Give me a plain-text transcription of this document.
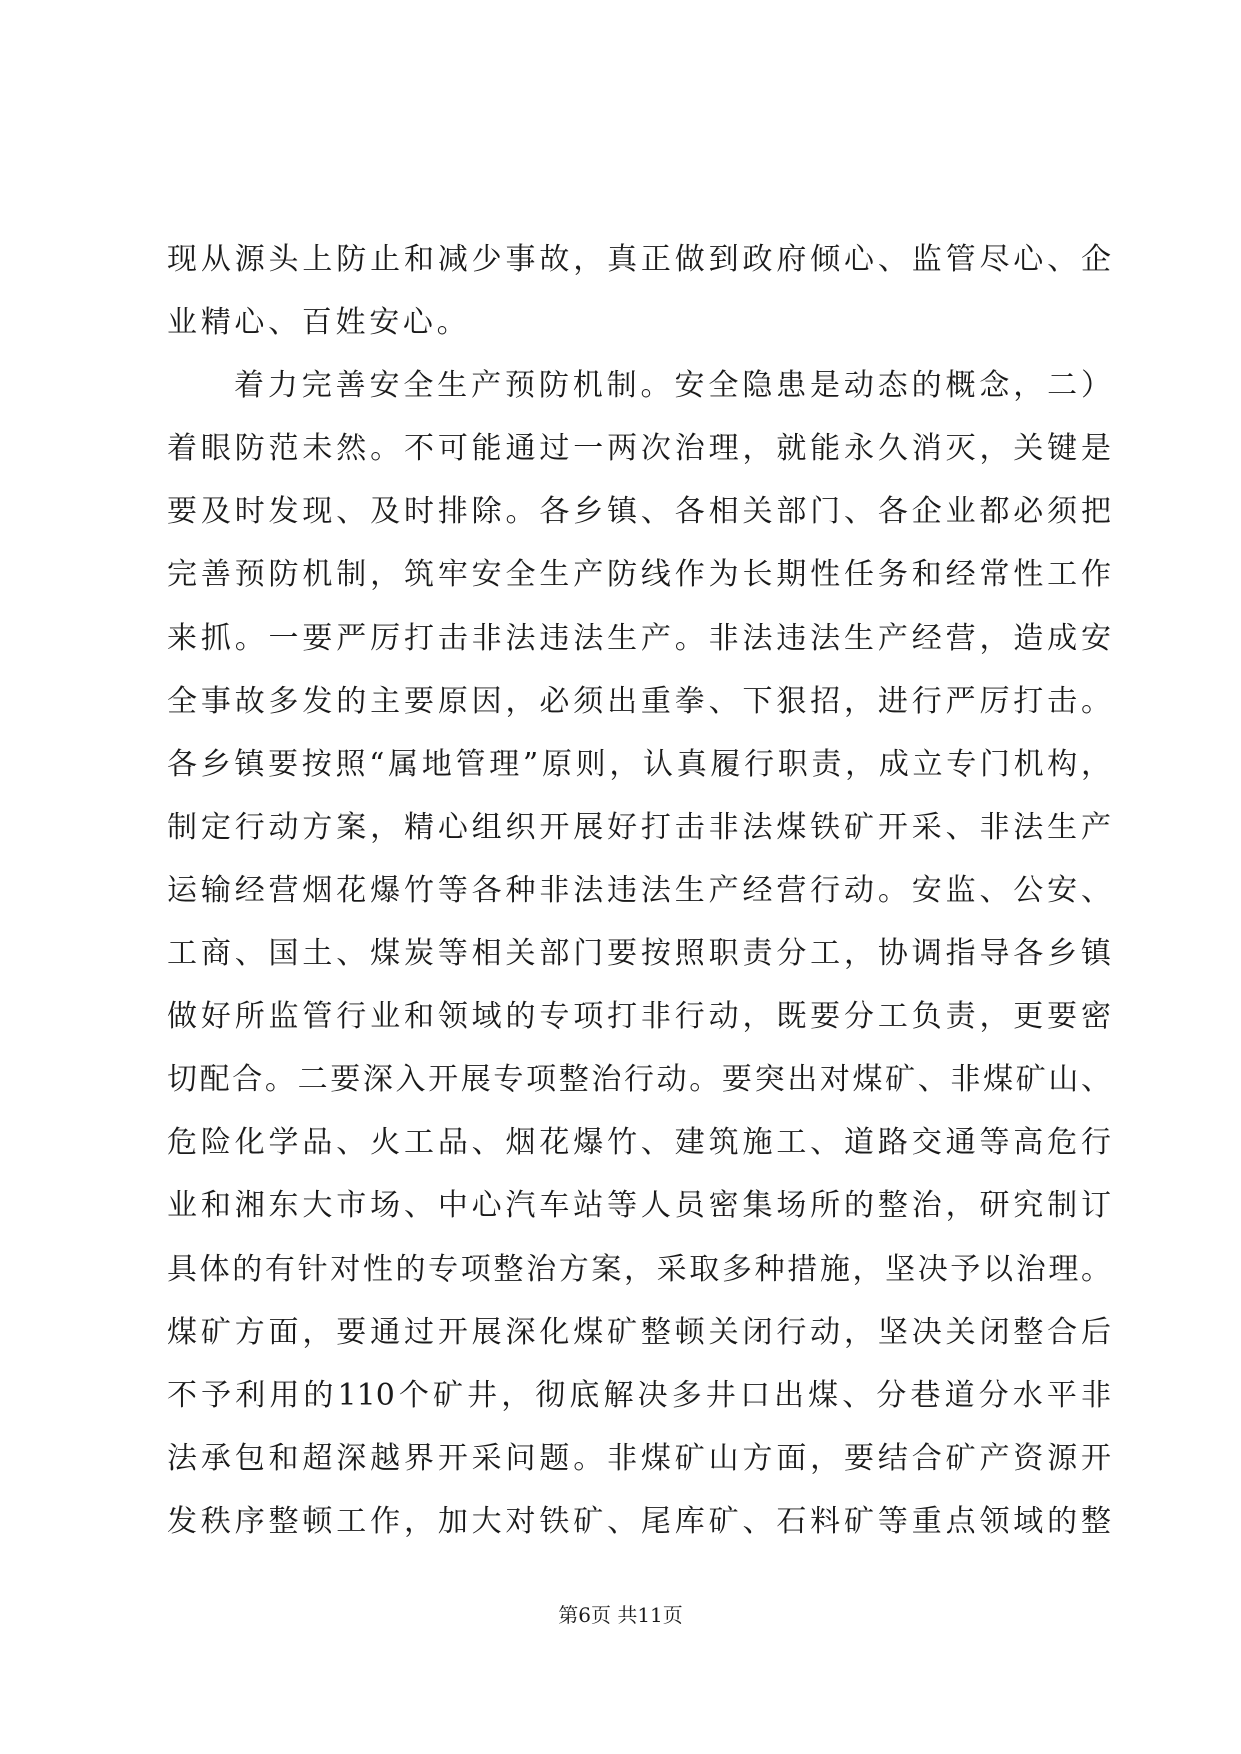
现从源头上防止和减少事故，真正做到政府倾心、监管尽心、企
业精心、百姓安心。
着力完善安全生产预防机制。安全隐患是动态的概念，二）
着眼防范未然。不可能通过一两次治理，就能永久消灭，关键是
要及时发现、及时排除。各乡镇、各相关部门、各企业都必须把
完善预防机制，筑牢安全生产防线作为长期性任务和经常性工作
来抓。一要严厉打击非法违法生产。非法违法生产经营，造成安
全事故多发的主要原因，必须出重拳、下狠招，进行严厉打击。
各乡镇要按照“属地管理”原则，认真履行职责，成立专门机构，
制定行动方案，精心组织开展好打击非法煤铁矿开采、非法生产
运输经营烟花爆竹等各种非法违法生产经营行动。安监、公安、
工商、国土、煤炭等相关部门要按照职责分工，协调指导各乡镇
做好所监管行业和领域的专项打非行动，既要分工负责，更要密
切配合。二要深入开展专项整治行动。要突出对煤矿、非煤矿山、
危险化学品、火工品、烟花爆竹、建筑施工、道路交通等高危行
业和湘东大市场、中心汽车站等人员密集场所的整治，研究制订
具体的有针对性的专项整治方案，采取多种措施，坚决予以治理。
煤矿方面，要通过开展深化煤矿整顿关闭行动，坚决关闭整合后
不予利用的110个矿井，彻底解决多井口出煤、分巷道分水平非
法承包和超深越界开采问题。非煤矿山方面，要结合矿产资源开
发秩序整顿工作，加大对铁矿、尾库矿、石料矿等重点领域的整
第6页 共11页
